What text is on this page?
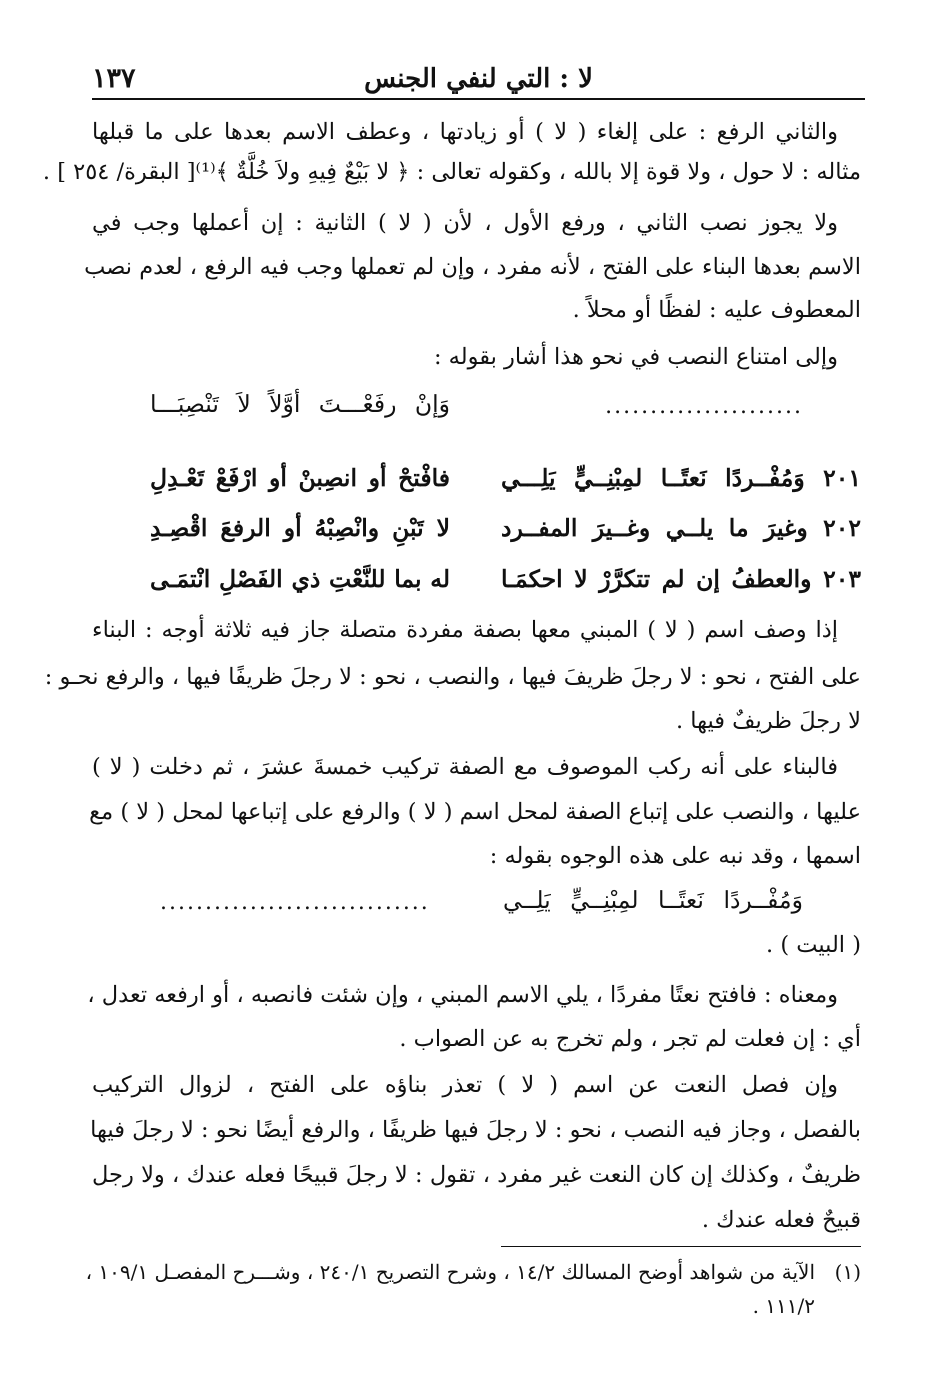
لا : التي لنفي الجنس
١٣٧
والثاني الرفع : على إلغاء ( لا ) أو زيادتها ، وعطف الاسم بعدها على ما قبلها
مثاله : لا حول ، ولا قوة إلا بالله ، وكقوله تعالى : ﴿ لا بَيْعٌ فِيهِ ولاَ خُلَّةٌ ﴾⁽¹⁾[ البقرة/ ٢٥٤ ] .
ولا يجوز نصب الثاني ، ورفع الأول ، لأن ( لا ) الثانية : إن أعملها وجب في
الاسم بعدها البناء على الفتح ، لأنه مفرد ، وإن لم تعملها وجب فيه الرفع ، لعدم نصب
المعطوف عليه : لفظًا أو محلاً .
وإلى امتناع النصب في نحو هذا أشار بقوله :
وَإنْ رفَعْـــتَ أوَّلاً لاَ تَنْصِبَـــا	......................
٢٠١ وَمُفْــردًا نَعتًــا لمِبْنِــيٍّ يَلِـــي
فافْتحْ أو انصِبنْ أو ارْفَعْ تَعْـدِلِ
٢٠٢ وغيرَ ما يلــي وغــيرَ المفــرد
لا تَبْنِ وانْصِبْهُ أو الرفعَ اقْصِـدِ
٢٠٣ والعطفُ إن لم تتكرَّرْ لا احكمَـا
له بما للنَّعْتِ ذي الفَصْلِ انْتمَـى
إذا وصف اسم ( لا ) المبني معها بصفة مفردة متصلة جاز فيه ثلاثة أوجه : البناء
على الفتح ، نحو : لا رجلَ ظريفَ فيها ، والنصب ، نحو : لا رجلَ ظريفًا فيها ، والرفع نحـو :
لا رجلَ ظريفٌ فيها .
فالبناء على أنه ركب الموصوف مع الصفة تركيب خمسةَ عشرَ ، ثم دخلت ( لا )
عليها ، والنصب على إتباع الصفة لمحل اسم ( لا ) والرفع على إتباعها لمحل ( لا ) مع
اسمها ، وقد نبه على هذه الوجوه بقوله :
وَمُفْــردًا نَعتًــا لمِبْنِــيٍّ يَلِــي
..............................
( البيت ) .
ومعناه : فافتح نعتًا مفردًا ، يلي الاسم المبني ، وإن شئت فانصبه ، أو ارفعه تعدل ،
أي : إن فعلت لم تجر ، ولم تخرج به عن الصواب .
وإن فصل النعت عن اسم ( لا ) تعذر بناؤه على الفتح ، لزوال التركيب
بالفصل ، وجاز فيه النصب ، نحو : لا رجلَ فيها ظريفًا ، والرفع أيضًا نحو : لا رجلَ فيها
ظريفٌ ، وكذلك إن كان النعت غير مفرد ، تقول : لا رجلَ قبيحًا فعله عندك ، ولا رجل
قبيحٌ فعله عندك .
(١)
الآية من شواهد أوضح المسالك ١٤/٢ ، وشرح التصريح ٢٤٠/١ ، وشـــرح المفصـل ١٠٩/١ ،
١١١/٢ .
